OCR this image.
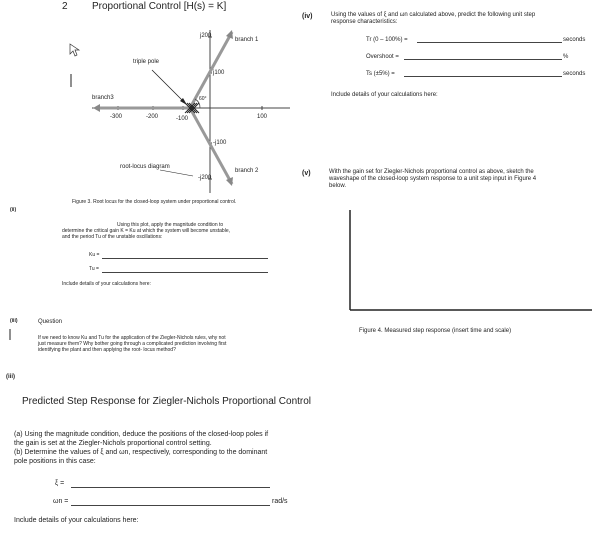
2 Proportional Control [H(s) = K]
branch 1
branch 2
branch3
triple pole
root-locus diagram
60°
-300	-200	-100	100
j200
j100
-j100
-j200
Figure 3. Root locus for the closed-loop system under proportional control.
(ii)
Using this plot, apply the magnitude condition to
determine the critical gain K = Ku at which the system will become unstable,
and the period Tu of the unstable oscillations:
Ku =
Tu =
Include details of your calculations here:
(iii)	Question
If we need to know Ku and Tu for the application of the Ziegler-Nichols rules, why not
just measure them? Why bother going through a complicated prediction involving first
identifying the plant and then applying the root- locus method?
(iii)
Predicted Step Response for Ziegler-Nichols Proportional Control
(a) Using the magnitude condition, deduce the positions of the closed-loop poles if
the gain is set at the Ziegler-Nichols proportional control setting.
(b) Determine the values of ξ and ωn, respectively, corresponding to the dominant
pole positions in this case:
ξ =
ωn =	rad/s
Include details of your calculations here:
(iv)	Using the values of ξ and ωn calculated above, predict the following unit step
response characteristics:
Tr (0 – 100%) =	seconds
Overshoot =	%
Ts (±5%) =	seconds
Include details of your calculations here:
(v)	With the gain set for Ziegler-Nichols proportional control as above, sketch the
waveshape of the closed-loop system response to a unit step input in Figure 4
below.
Figure 4. Measured step response (insert time and scale)
